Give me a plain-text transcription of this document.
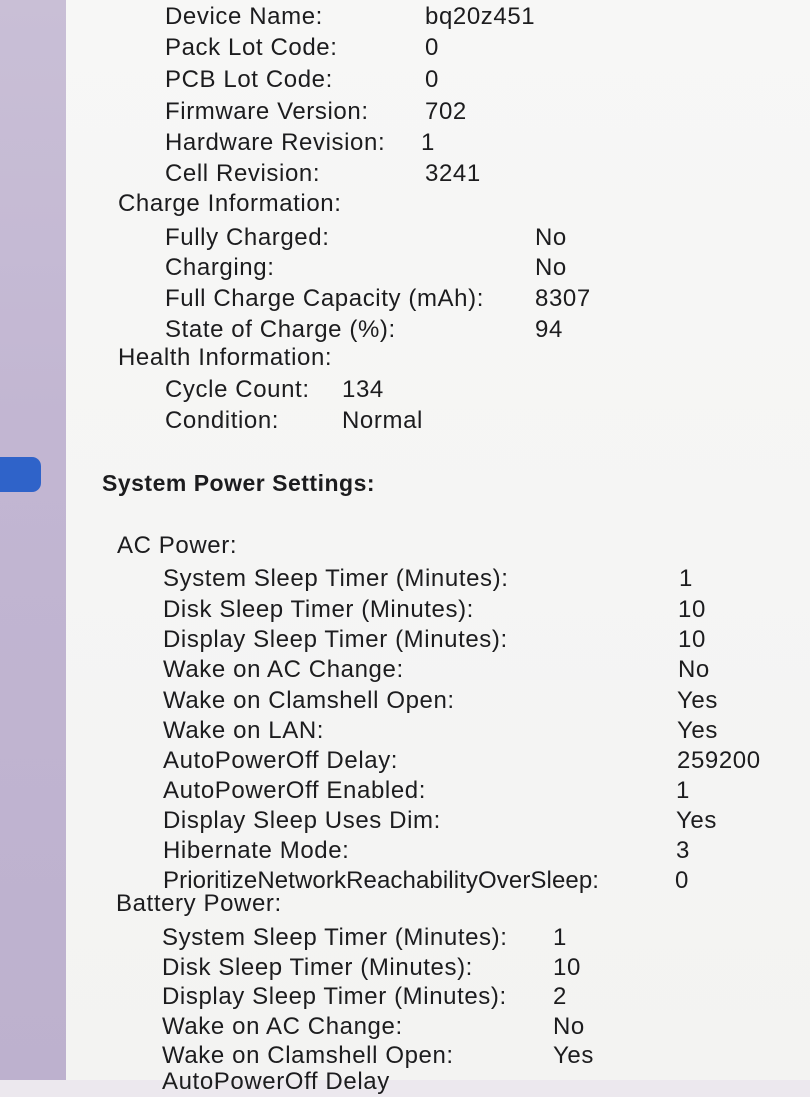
Device Name:	bq20z451
Pack Lot Code:	0
PCB Lot Code:	0
Firmware Version: 702
Hardware Revision: 1
Cell Revision:	3241
Charge Information:
Fully Charged:	No
Charging:	No
Full Charge Capacity (mAh): 8307
State of Charge (%):	94
Health Information:
Cycle Count: 134
Condition:	Normal
System Power Settings:
AC Power:
System Sleep Timer (Minutes):	1
Disk Sleep Timer (Minutes):	10
Display Sleep Timer (Minutes):	10
Wake on AC Change:	No
Wake on Clamshell Open:	Yes
Wake on LAN:	Yes
AutoPowerOff Delay:	259200
AutoPowerOff Enabled:	1
Display Sleep Uses Dim:	Yes
Hibernate Mode:	3
PrioritizeNetworkReachabilityOverSleep:	0
Battery Power:
System Sleep Timer (Minutes): 1
Disk Sleep Timer (Minutes):	10
Display Sleep Timer (Minutes): 2
Wake on AC Change:	No
Wake on Clamshell Open:	Yes
AutoPowerOff Delay
